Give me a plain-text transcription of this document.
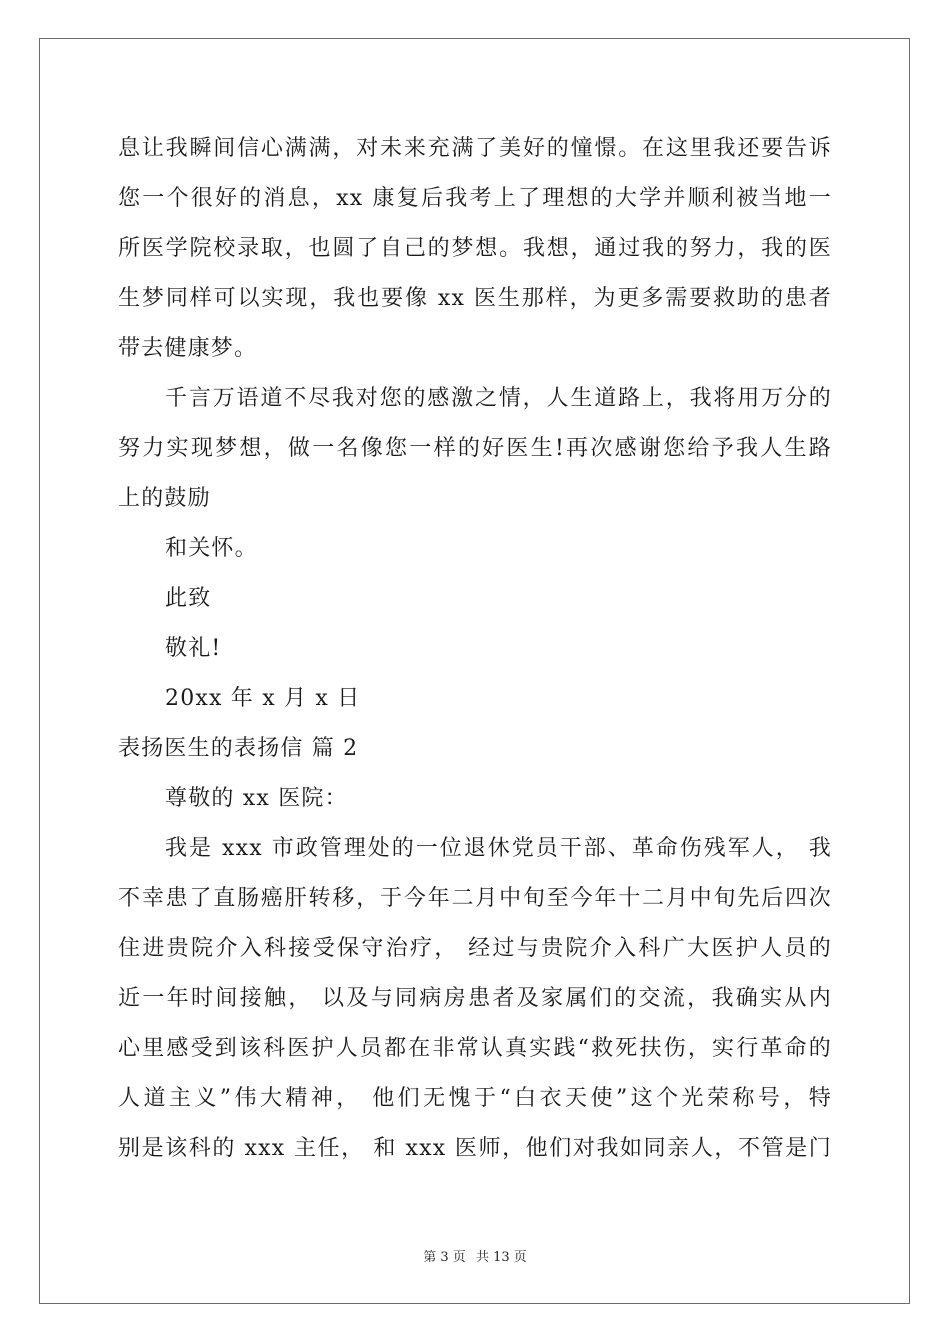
息让我瞬间信心满满，对未来充满了美好的憧憬。在这里我还要告诉
您一个很好的消息，xx 康复后我考上了理想的大学并顺利被当地一
所医学院校录取，也圆了自己的梦想。我想，通过我的努力，我的医
生梦同样可以实现，我也要像 xx 医生那样，为更多需要救助的患者
带去健康梦。
千言万语道不尽我对您的感激之情，人生道路上，我将用万分的
努力实现梦想，做一名像您一样的好医生!再次感谢您给予我人生路
上的鼓励
和关怀。
此致
敬礼!
20xx 年 x 月 x 日
表扬医生的表扬信 篇 2
尊敬的 xx 医院：
我是 xxx 市政管理处的一位退休党员干部、革命伤残军人， 我
不幸患了直肠癌肝转移，于今年二月中旬至今年十二月中旬先后四次
住进贵院介入科接受保守治疗， 经过与贵院介入科广大医护人员的
近一年时间接触， 以及与同病房患者及家属们的交流，我确实从内
心里感受到该科医护人员都在非常认真实践“救死扶伤，实行革命的
人道主义”伟大精神， 他们无愧于“白衣天使”这个光荣称号，特
别是该科的 xxx 主任， 和 xxx 医师，他们对我如同亲人，不管是门
第 3 页 共 13 页
